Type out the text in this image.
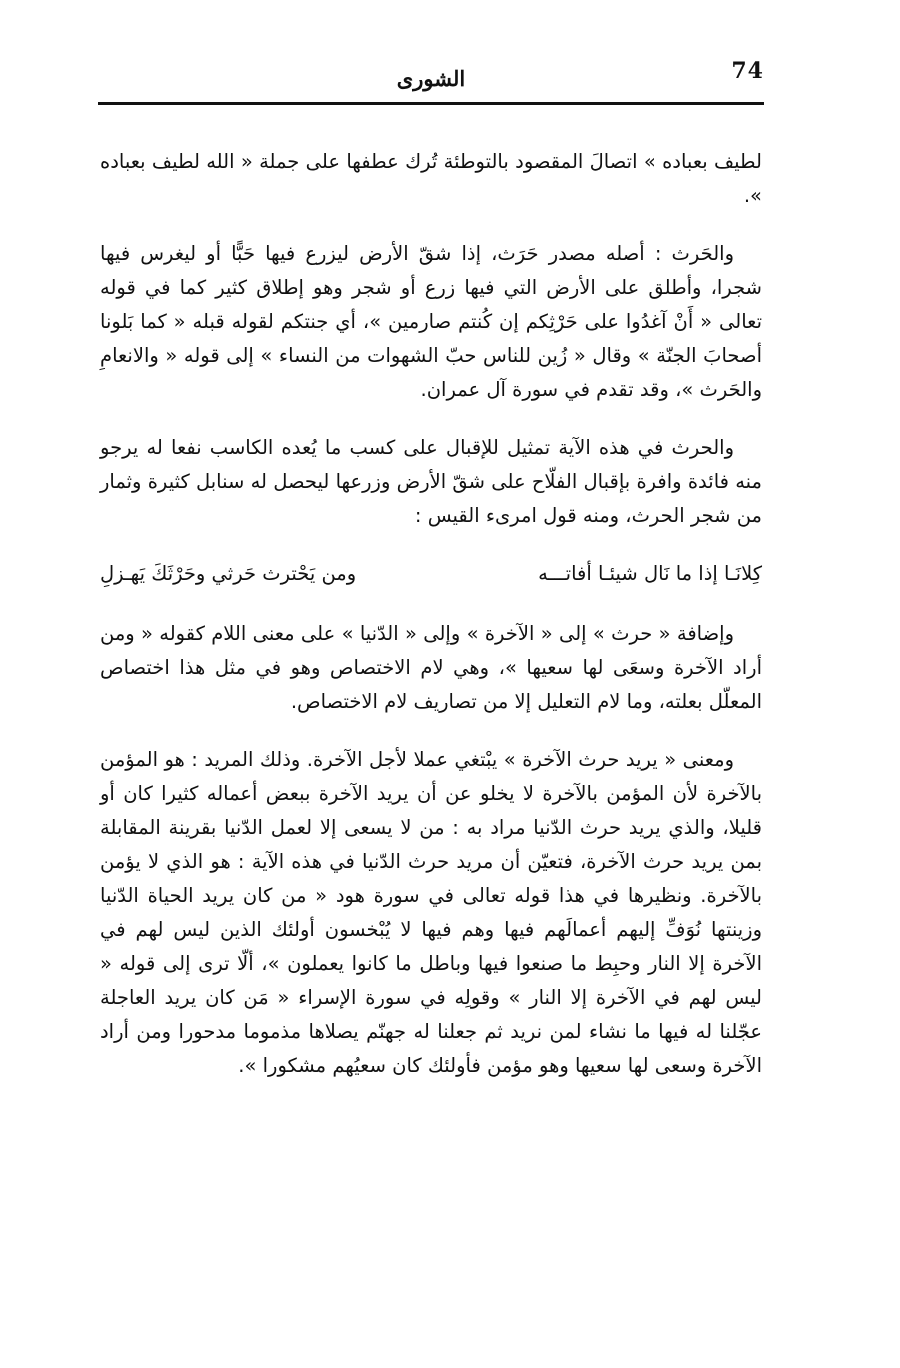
74
الشورى

لطيف بعباده » اتصالَ المقصود بالتوطئة تُرك عطفها على جملة « الله لطيف بعباده ».

والحَرث : أصله مصدر حَرَث، إذا شقّ الأرض ليزرع فيها حَبًّا أو ليغرس فيها شجرا، وأطلق على الأرض التي فيها زرع أو شجر وهو إطلاق كثير كما في قوله تعالى « أَنْ آغدُوا على حَرْثِكم إن كُنتم صارمين »، أي جنتكم لقوله قبله « كما بَلونا أصحابَ الجنّة » وقال « زُين للناس حبّ الشهوات من النساء » إلى قوله « والانعامِ والحَرث »، وقد تقدم في سورة آل عمران.

والحرث في هذه الآية تمثيل للإقبال على كسب ما يُعده الكاسب نفعا له يرجو منه فائدة وافرة بإقبال الفلّاح على شقّ الأرض وزرعها ليحصل له سنابل كثيرة وثمار من شجر الحرث، ومنه قول امرىء القيس :

كِلانَـا إذا ما نَال شيئـا أفاتـــه
ومن يَحْترث حَرثي وحَرْثَكَ يَهـزلِ

وإضافة « حرث » إلى « الآخرة » وإلى « الدّنيا » على معنى اللام كقوله « ومن أراد الآخرة وسعَى لها سعيها »، وهي لام الاختصاص وهو في مثل هذا اختصاص المعلّل بعلته، وما لام التعليل إلا من تصاريف لام الاختصاص.

ومعنى « يريد حرث الآخرة » يبْتغي عملا لأجل الآخرة. وذلك المريد : هو المؤمن بالآخرة لأن المؤمن بالآخرة لا يخلو عن أن يريد الآخرة ببعض أعماله كثيرا كان أو قليلا، والذي يريد حرث الدّنيا مراد به : من لا يسعى إلا لعمل الدّنيا بقرينة المقابلة بمن يريد حرث الآخرة، فتعيّن أن مريد حرث الدّنيا في هذه الآية : هو الذي لا يؤمن بالآخرة. ونظيرها في هذا قوله تعالى في سورة هود « من كان يريد الحياة الدّنيا وزينتها نُوَفِّ إليهم أعمالَهم فيها وهم فيها لا يُبْخسون أولئك الذين ليس لهم في الآخرة إلا النار وحبِط ما صنعوا فيها وباطل ما كانوا يعملون »، ألّا ترى إلى قوله « ليس لهم في الآخرة إلا النار » وقولِه في سورة الإسراء « مَن كان يريد العاجلة عجّلنا له فيها ما نشاء لمن نريد ثم جعلنا له جهنّم يصلاها مذموما مدحورا ومن أراد الآخرة وسعى لها سعيها وهو مؤمن فأولئك كان سعيُهم مشكورا ».
